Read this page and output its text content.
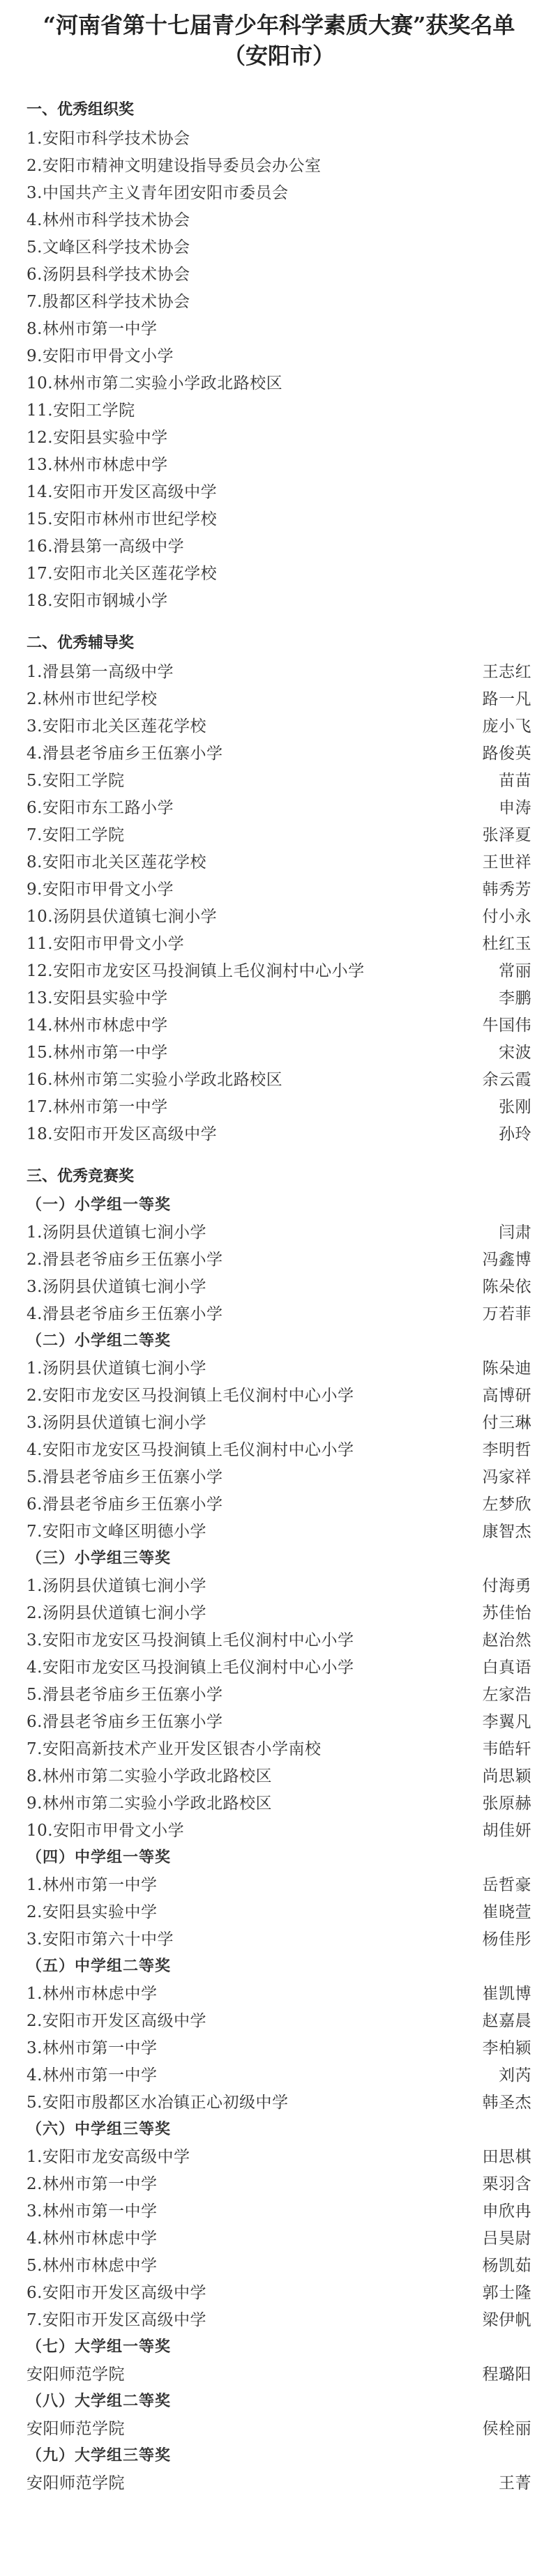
“河南省第十七届青少年科学素质大赛”获奖名单
（安阳市）
一、优秀组织奖
1.安阳市科学技术协会
2.安阳市精神文明建设指导委员会办公室
3.中国共产主义青年团安阳市委员会
4.林州市科学技术协会
5.文峰区科学技术协会
6.汤阴县科学技术协会
7.殷都区科学技术协会
8.林州市第一中学
9.安阳市甲骨文小学
10.林州市第二实验小学政北路校区
11.安阳工学院
12.安阳县实验中学
13.林州市林虑中学
14.安阳市开发区高级中学
15.安阳市林州市世纪学校
16.滑县第一高级中学
17.安阳市北关区莲花学校
18.安阳市钢城小学
二、优秀辅导奖
1.滑县第一高级中学	王志红
2.林州市世纪学校	路一凡
3.安阳市北关区莲花学校	庞小飞
4.滑县老爷庙乡王伍寨小学	路俊英
5.安阳工学院	苗苗
6.安阳市东工路小学	申涛
7.安阳工学院	张泽夏
8.安阳市北关区莲花学校	王世祥
9.安阳市甲骨文小学	韩秀芳
10.汤阴县伏道镇七涧小学	付小永
11.安阳市甲骨文小学	杜红玉
12.安阳市龙安区马投涧镇上毛仪涧村中心小学	常丽
13.安阳县实验中学	李鹏
14.林州市林虑中学	牛国伟
15.林州市第一中学	宋波
16.林州市第二实验小学政北路校区	余云霞
17.林州市第一中学	张刚
18.安阳市开发区高级中学	孙玲
三、优秀竞赛奖
（一）小学组一等奖
1.汤阴县伏道镇七涧小学	闫肃
2.滑县老爷庙乡王伍寨小学	冯鑫博
3.汤阴县伏道镇七涧小学	陈朵依
4.滑县老爷庙乡王伍寨小学	万若菲
（二）小学组二等奖
1.汤阴县伏道镇七涧小学	陈朵迪
2.安阳市龙安区马投涧镇上毛仪涧村中心小学	高博研
3.汤阴县伏道镇七涧小学	付三琳
4.安阳市龙安区马投涧镇上毛仪涧村中心小学	李明哲
5.滑县老爷庙乡王伍寨小学	冯家祥
6.滑县老爷庙乡王伍寨小学	左梦欣
7.安阳市文峰区明德小学	康智杰
（三）小学组三等奖
1.汤阴县伏道镇七涧小学	付海勇
2.汤阴县伏道镇七涧小学	苏佳怡
3.安阳市龙安区马投涧镇上毛仪涧村中心小学	赵治然
4.安阳市龙安区马投涧镇上毛仪涧村中心小学	白真语
5.滑县老爷庙乡王伍寨小学	左家浩
6.滑县老爷庙乡王伍寨小学	李翼凡
7.安阳高新技术产业开发区银杏小学南校	韦皓轩
8.林州市第二实验小学政北路校区	尚思颖
9.林州市第二实验小学政北路校区	张原赫
10.安阳市甲骨文小学	胡佳妍
（四）中学组一等奖
1.林州市第一中学	岳哲豪
2.安阳县实验中学	崔晓萱
3.安阳市第六十中学	杨佳彤
（五）中学组二等奖
1.林州市林虑中学	崔凯博
2.安阳市开发区高级中学	赵嘉晨
3.林州市第一中学	李柏颍
4.林州市第一中学	刘芮
5.安阳市殷都区水冶镇正心初级中学	韩圣杰
（六）中学组三等奖
1.安阳市龙安高级中学	田思棋
2.林州市第一中学	栗羽含
3.林州市第一中学	申欣冉
4.林州市林虑中学	吕昊尉
5.林州市林虑中学	杨凯茹
6.安阳市开发区高级中学	郭士隆
7.安阳市开发区高级中学	梁伊帆
（七）大学组一等奖
安阳师范学院	程璐阳
（八）大学组二等奖
安阳师范学院	侯栓丽
（九）大学组三等奖
安阳师范学院	王菁
